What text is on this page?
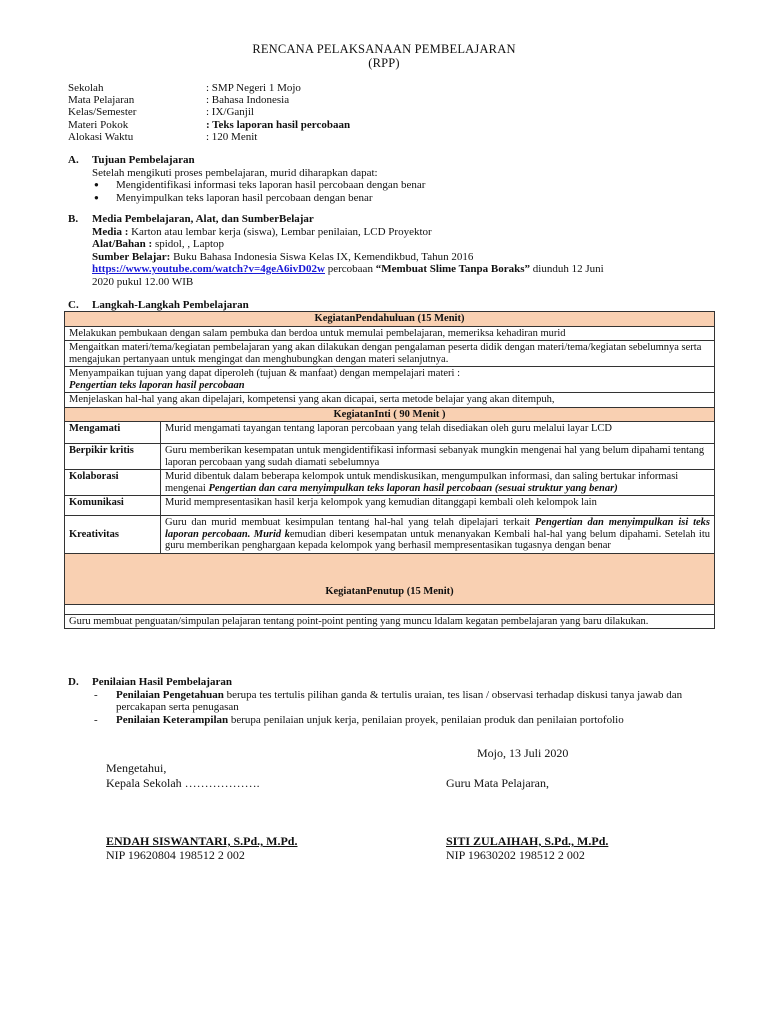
RENCANA PELAKSANAAN PEMBELAJARAN
(RPP)
Sekolah	: SMP Negeri 1 Mojo
Mata Pelajaran	: Bahasa Indonesia
Kelas/Semester	: IX/Ganjil
Materi Pokok	: Teks laporan hasil percobaan
Alokasi Waktu	: 120 Menit
A. Tujuan Pembelajaran
Setelah mengikuti proses pembelajaran, murid diharapkan dapat:
● Mengidentifikasi informasi teks laporan hasil percobaan dengan benar
● Menyimpulkan teks laporan hasil percobaan dengan benar
B. Media Pembelajaran, Alat, dan SumberBelajar
Media : Karton atau lembar kerja (siswa), Lembar penilaian, LCD Proyektor
Alat/Bahan : spidol, , Laptop
Sumber Belajar: Buku Bahasa Indonesia Siswa Kelas IX, Kemendikbud, Tahun 2016
https://www.youtube.com/watch?v=4geA6ivD02w percobaan “Membuat Slime Tanpa Boraks” diunduh 12 Juni
2020 pukul 12.00 WIB
C. Langkah-Langkah Pembelajaran
KegiatanPendahuluan (15 Menit)	
Melakukan pembukaan dengan salam pembuka dan berdoa untuk memulai pembelajaran, memeriksa kehadiran murid	
Mengaitkan materi/tema/kegiatan pembelajaran yang akan dilakukan dengan pengalaman peserta didik dengan materi/tema/kegiatan sebelumnya serta mengajukan pertanyaan untuk mengingat dan menghubungkan dengan materi selanjutnya.	

Menyampaikan tujuan yang dapat diperoleh (tujuan & manfaat) dengan mempelajari materi :
Pengertian teks laporan hasil percobaan	

Menjelaskan hal-hal yang akan dipelajari, kompetensi yang akan dicapai, serta metode belajar yang akan ditempuh,	
KegiatanInti ( 90 Menit )	
Mengamati	Murid mengamati tayangan tentang laporan percobaan yang telah disediakan oleh guru melalui layar LCD
Berpikir kritis	Guru memberikan kesempatan untuk mengidentifikasi informasi sebanyak mungkin mengenai hal yang belum dipahami tentang laporan percobaan yang sudah diamati sebelumnya
Kolaborasi	Murid dibentuk dalam beberapa kelompok untuk mendiskusikan, mengumpulkan informasi, dan saling bertukar informasi mengenai Pengertian dan cara menyimpulkan teks laporan hasil percobaan (sesuai struktur yang benar)
Komunikasi	Murid mempresentasikan hasil kerja kelompok yang kemudian ditanggapi kembali oleh kelompok lain
Kreativitas	Guru dan murid membuat kesimpulan tentang hal-hal yang telah dipelajari terkait Pengertian dan menyimpulkan isi teks laporan percobaan. Murid kemudian diberi kesempatan untuk menanyakan Kembali hal-hal yang belum dipahami. Setelah itu guru memberikan penghargaan kepada kelompok yang berhasil mempresentasikan tugasnya dengan benar
KegiatanPenutup (15 Menit)	

Guru membuat penguatan/simpulan pelajaran tentang point-point penting yang muncu ldalam kegatan pembelajaran yang baru dilakukan.	
D. Penilaian Hasil Pembelajaran
- Penilaian Pengetahuan berupa tes tertulis pilihan ganda & tertulis uraian, tes lisan / observasi terhadap diskusi tanya jawab dan percakapan serta penugasan
- Penilaian Keterampilan berupa penilaian unjuk kerja, penilaian proyek, penilaian produk dan penilaian portofolio
Mojo, 13 Juli 2020
Mengetahui,
Kepala Sekolah ……………….	Guru Mata Pelajaran,
ENDAH SISWANTARI, S.Pd., M.Pd.
NIP 19620804 198512 2 002
SITI ZULAIHAH, S.Pd., M.Pd.
NIP 19630202 198512 2 002
